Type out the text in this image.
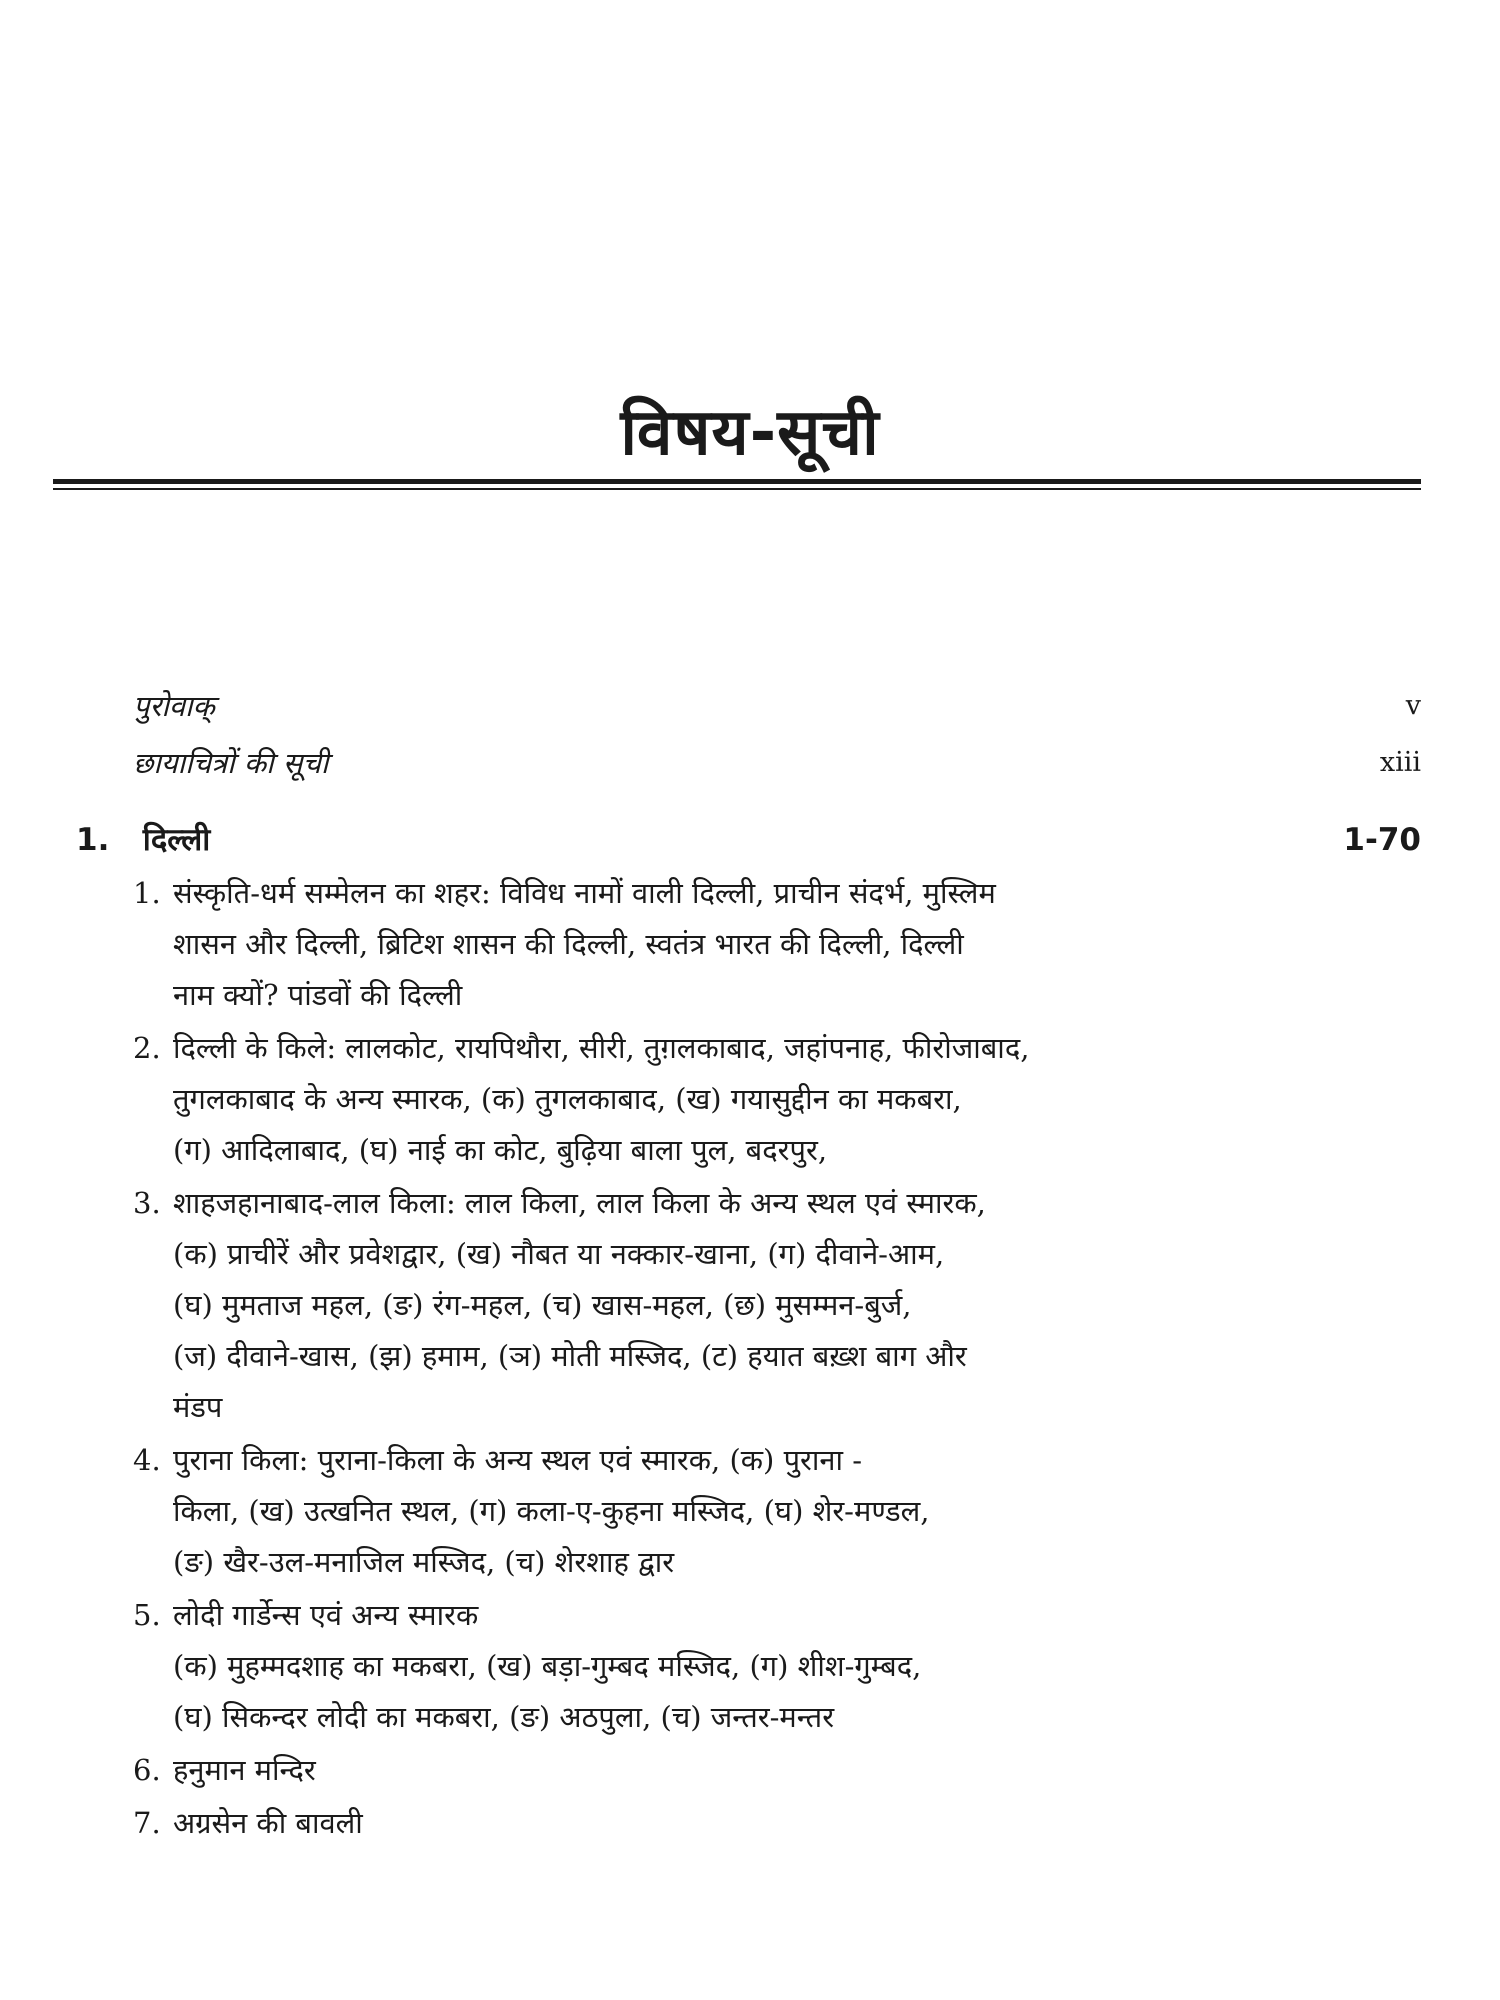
विषय-सूची
पुरोवाक्	v
छायाचित्रों की सूची	xiii
1. दिल्ली	1-70
1. संस्कृति-धर्म सम्मेलन का शहर: विविध नामों वाली दिल्ली, प्राचीन संदर्भ, मुस्लिम
शासन और दिल्ली, ब्रिटिश शासन की दिल्ली, स्वतंत्र भारत की दिल्ली, दिल्ली
नाम क्यों? पांडवों की दिल्ली
2. दिल्ली के किले: लालकोट, रायपिथौरा, सीरी, तुग़लकाबाद, जहांपनाह, फीरोजाबाद,
तुगलकाबाद के अन्य स्मारक, (क) तुगलकाबाद, (ख) गयासुद्दीन का मकबरा,
(ग) आदिलाबाद, (घ) नाई का कोट, बुढ़िया बाला पुल, बदरपुर,
3. शाहजहानाबाद-लाल किला: लाल किला, लाल किला के अन्य स्थल एवं स्मारक,
(क) प्राचीरें और प्रवेशद्वार, (ख) नौबत या नक्कार-खाना, (ग) दीवाने-आम,
(घ) मुमताज महल, (ङ) रंग-महल, (च) खास-महल, (छ) मुसम्मन-बुर्ज,
(ज) दीवाने-खास, (झ) हमाम, (ञ) मोती मस्जिद, (ट) हयात बख़्श बाग और
मंडप
4. पुराना किला: पुराना-किला के अन्य स्थल एवं स्मारक, (क) पुराना -
किला, (ख) उत्खनित स्थल, (ग) कला-ए-कुहना मस्जिद, (घ) शेर-मण्डल,
(ङ) खैर-उल-मनाजिल मस्जिद, (च) शेरशाह द्वार
5. लोदी गार्डेन्स एवं अन्य स्मारक
(क) मुहम्मदशाह का मकबरा, (ख) बड़ा-गुम्बद मस्जिद, (ग) शीश-गुम्बद,
(घ) सिकन्दर लोदी का मकबरा, (ङ) अठपुला, (च) जन्तर-मन्तर
6. हनुमान मन्दिर
7. अग्रसेन की बावली
